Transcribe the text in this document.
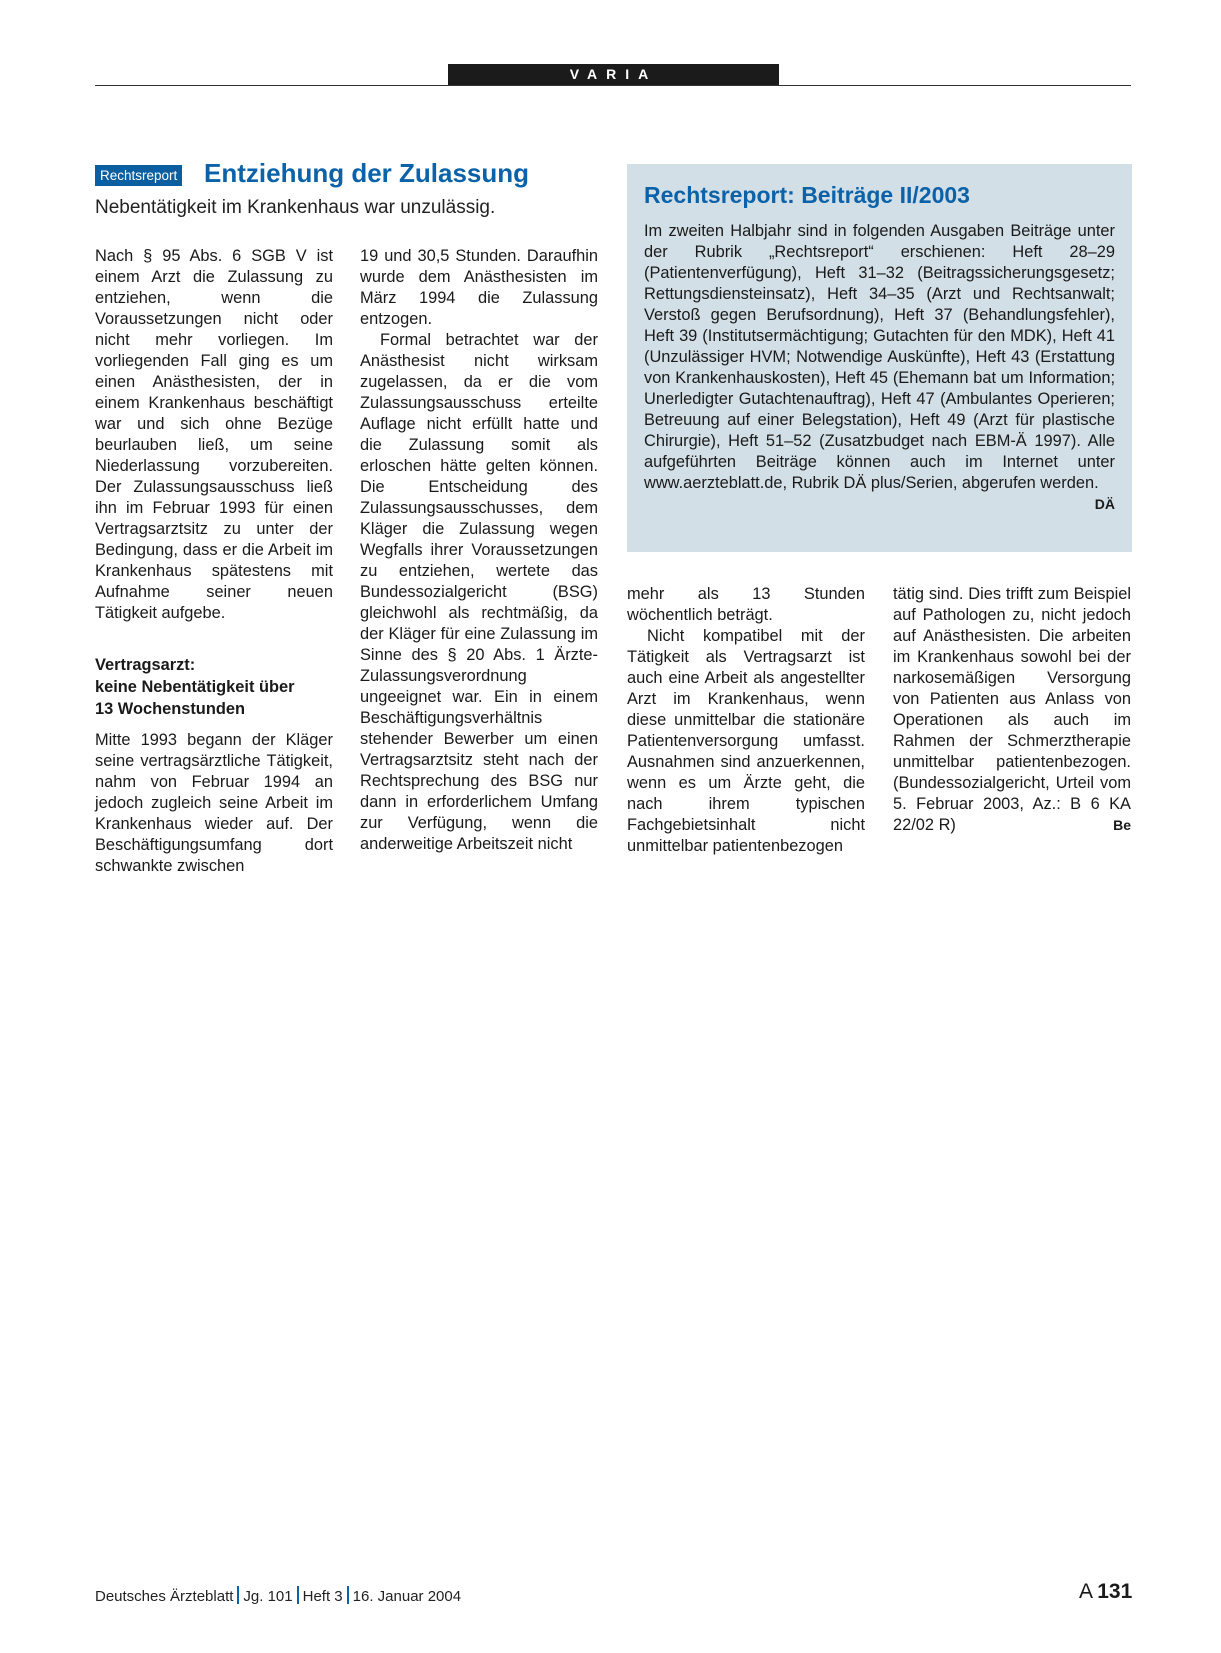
VARIA
Rechtsreport Entziehung der Zulassung
Nebentätigkeit im Krankenhaus war unzulässig.

Nach § 95 Abs. 6 SGB V ist einem Arzt die Zulassung zu entziehen, wenn die Voraussetzungen nicht oder nicht mehr vorliegen. Im vorliegenden Fall ging es um einen Anästhesisten, der in einem Krankenhaus beschäftigt war und sich ohne Bezüge beurlauben ließ, um seine Niederlassung vorzubereiten. Der Zulassungsausschuss ließ ihn im Februar 1993 für einen Vertragsarztsitz zu unter der Bedingung, dass er die Arbeit im Krankenhaus spätestens mit Aufnahme seiner neuen Tätigkeit aufgebe.

Vertragsarzt:
keine Nebentätigkeit über
13 Wochenstunden

Mitte 1993 begann der Kläger seine vertragsärztliche Tätigkeit, nahm von Februar 1994 an jedoch zugleich seine Arbeit im Krankenhaus wieder auf. Der Beschäftigungsumfang dort schwankte zwischen

19 und 30,5 Stunden. Daraufhin wurde dem Anästhesisten im März 1994 die Zulassung entzogen.

Formal betrachtet war der Anästhesist nicht wirksam zugelassen, da er die vom Zulassungsausschuss erteilte Auflage nicht erfüllt hatte und die Zulassung somit als erloschen hätte gelten können. Die Entscheidung des Zulassungsausschusses, dem Kläger die Zulassung wegen Wegfalls ihrer Voraussetzungen zu entziehen, wertete das Bundessozialgericht (BSG) gleichwohl als rechtmäßig, da der Kläger für eine Zulassung im Sinne des § 20 Abs. 1 Ärzte-Zulassungsverordnung ungeeignet war. Ein in einem Beschäftigungsverhältnis stehender Bewerber um einen Vertragsarztsitz steht nach der Rechtsprechung des BSG nur dann in erforderlichem Umfang zur Verfügung, wenn die anderweitige Arbeitszeit nicht

Rechtsreport: Beiträge II/2003

Im zweiten Halbjahr sind in folgenden Ausgaben Beiträge unter der Rubrik „Rechtsreport“ erschienen: Heft 28–29 (Patientenverfügung), Heft 31–32 (Beitragssicherungsgesetz; Rettungsdiensteinsatz), Heft 34–35 (Arzt und Rechtsanwalt; Verstoß gegen Berufsordnung), Heft 37 (Behandlungsfehler), Heft 39 (Institutsermächtigung; Gutachten für den MDK), Heft 41 (Unzulässiger HVM; Notwendige Auskünfte), Heft 43 (Erstattung von Krankenhauskosten), Heft 45 (Ehemann bat um Information; Unerledigter Gutachtenauftrag), Heft 47 (Ambulantes Operieren; Betreuung auf einer Belegstation), Heft 49 (Arzt für plastische Chirurgie), Heft 51–52 (Zusatzbudget nach EBM-Ä 1997). Alle aufgeführten Beiträge können auch im Internet unter www.aerzteblatt.de, Rubrik DÄ plus/Serien, abgerufen werden.
DÄ

mehr als 13 Stunden wöchentlich beträgt.

Nicht kompatibel mit der Tätigkeit als Vertragsarzt ist auch eine Arbeit als angestellter Arzt im Krankenhaus, wenn diese unmittelbar die stationäre Patientenversorgung umfasst. Ausnahmen sind anzuerkennen, wenn es um Ärzte geht, die nach ihrem typischen Fachgebietsinhalt nicht unmittelbar patientenbezogen

tätig sind. Dies trifft zum Beispiel auf Pathologen zu, nicht jedoch auf Anästhesisten. Die arbeiten im Krankenhaus sowohl bei der narkosemäßigen Versorgung von Patienten aus Anlass von Operationen als auch im Rahmen der Schmerztherapie unmittelbar patientenbezogen. (Bundessozialgericht, Urteil vom 5. Februar 2003, Az.: B 6 KA 22/02 R)	Be

Deutsches Ärzteblatt Jg. 101 Heft 3 16. Januar 2004	A  131
